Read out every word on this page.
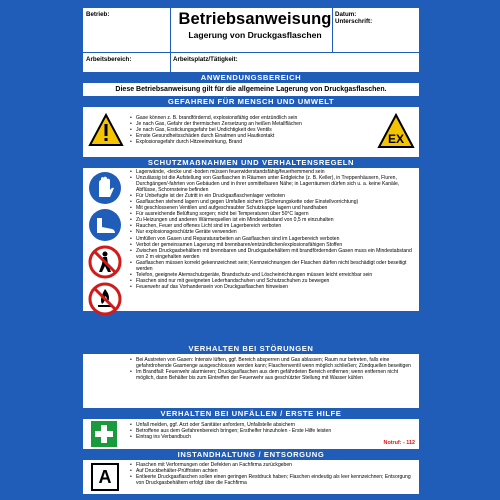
Betrieb:	Betriebsanweisung
Lagerung von Druckgasflaschen
Datum:
Unterschrift:
Arbeitsbereich:	Arbeitsplatz/Tätigkeit:
ANWENDUNGSBEREICH
Diese Betriebsanweisung gilt für die allgemeine Lagerung von Druckgasflaschen.
GEFAHREN FÜR MENSCH UND UMWELT
• Gase können z. B. brandfördernd, explosionsfähig oder entzündlich sein
• Je nach Gas, Gefahr der thermischen Zersetzung an heißen Metallflächen
• Je nach Gas, Erstickungsgefahr bei Undichtigkeit des Ventils
• Ernste Gesundheitsschäden durch Einatmen und Hautkontakt
• Explosionsgefahr durch Hitzeeinwirkung, Brand	EX
SCHUTZMAẞNAHMEN UND VERHALTENSREGELN
• Lagerwände, -decke und -boden müssen feuerwiderstandsfähig/feuerhemmend sein
• Unzulässig ist die Aufstellung von Gasflaschen in Räumen unter Erdgleiche (z. B. Keller), in Treppenhäusern, Fluren, Durchgängen/-fahrten von Gebäuden und in ihrer unmittelbaren Nähe; in Lagerräumen dürfen sich u. a. keine Kanäle, Abflüsse, Schornsteine befinden
• Für Unbefugte ist der Zutritt in ein Druckgasflaschenlager verboten
• Gasflaschen stehend lagern und gegen Umfallen sichern (Sicherungskette oder Einstellvorrichtung)
• Mit geschlossenen Ventilen und aufgeschraubter Schutzkappe lagern und handhaben
• Für ausreichende Belüftung sorgen; nicht bei Temperaturen über 50°C lagern
• Zu Heizungen und anderen Wärmequellen ist ein Mindestabstand von 0,5 m einzuhalten
• Rauchen, Feuer und offenes Licht sind im Lagerbereich verboten
• Nur explosionsgeschützte Geräte verwenden
• Umfüllen von Gasen und Reparaturarbeiten an Gasflaschen sind im Lagerbereich verboten
• Verbot der gemeinsamen Lagerung mit brennbaren/entzündlichen/explosionsfähigen Stoffen
• Zwischen Druckgasbehältern mit brennbaren und Druckgasbehältern mit brandfördernden Gasen muss ein Mindestabstand von 2 m eingehalten werden
• Gasflaschen müssen korrekt gekennzeichnet sein; Kennzeichnungen der Flaschen dürfen nicht beschädigt oder beseitigt werden
• Telefon, geeignete Atemschutzgeräte, Brandschutz-und Löscheinrichtungen müssen leicht erreichbar sein
• Flaschen sind nur mit geeigneten Lederhandschuhen und Schutzschuhen zu bewegen
• Feuerwehr auf das Vorhandensein von Druckgasflaschen hinweisen
VERHALTEN BEI STÖRUNGEN
• Bei Austreten von Gasen: Intensiv lüften, ggf. Bereich absperren und Gas ablassen; Raum nur betreten, falls eine gefahrdrohende Gasmenge ausgeschlossen werden kann; Flaschenventil wenn möglich schließen; Zündquellen beseitigen
• Im Brandfall: Feuerwehr alarmieren; Druckgasflaschen aus dem gefährdeten Bereich entfernen; wenn entfernen nicht möglich, dann Behälter bis zum Eintreffen der Feuerwehr aus geschützter Stellung mit Wasser kühlen
VERHALTEN BEI UNFÄLLEN / ERSTE HILFE
• Unfall melden, ggf. Arzt oder Sanitäter anfordern, Unfallstelle absichern
• Betroffene aus dem Gefahrenbereich bringen; Ersthelfer hinzuholen - Erste Hilfe leisten
• Eintrag ins Verbandbuch
Notruf: - 112
INSTANDHALTUNG / ENTSORGUNG
A
• Flaschen mit Verformungen oder Defekten an Fachfirma zurückgeben
• Auf Druckbehälter-Prüffristen achten
• Entleerte Druckgasflaschen sollen einen geringen Restdruck haben; Flaschen eindeutig als leer kennzeichnen; Entsorgung von Druckgasbehältern erfolgt über die Fachfirma
